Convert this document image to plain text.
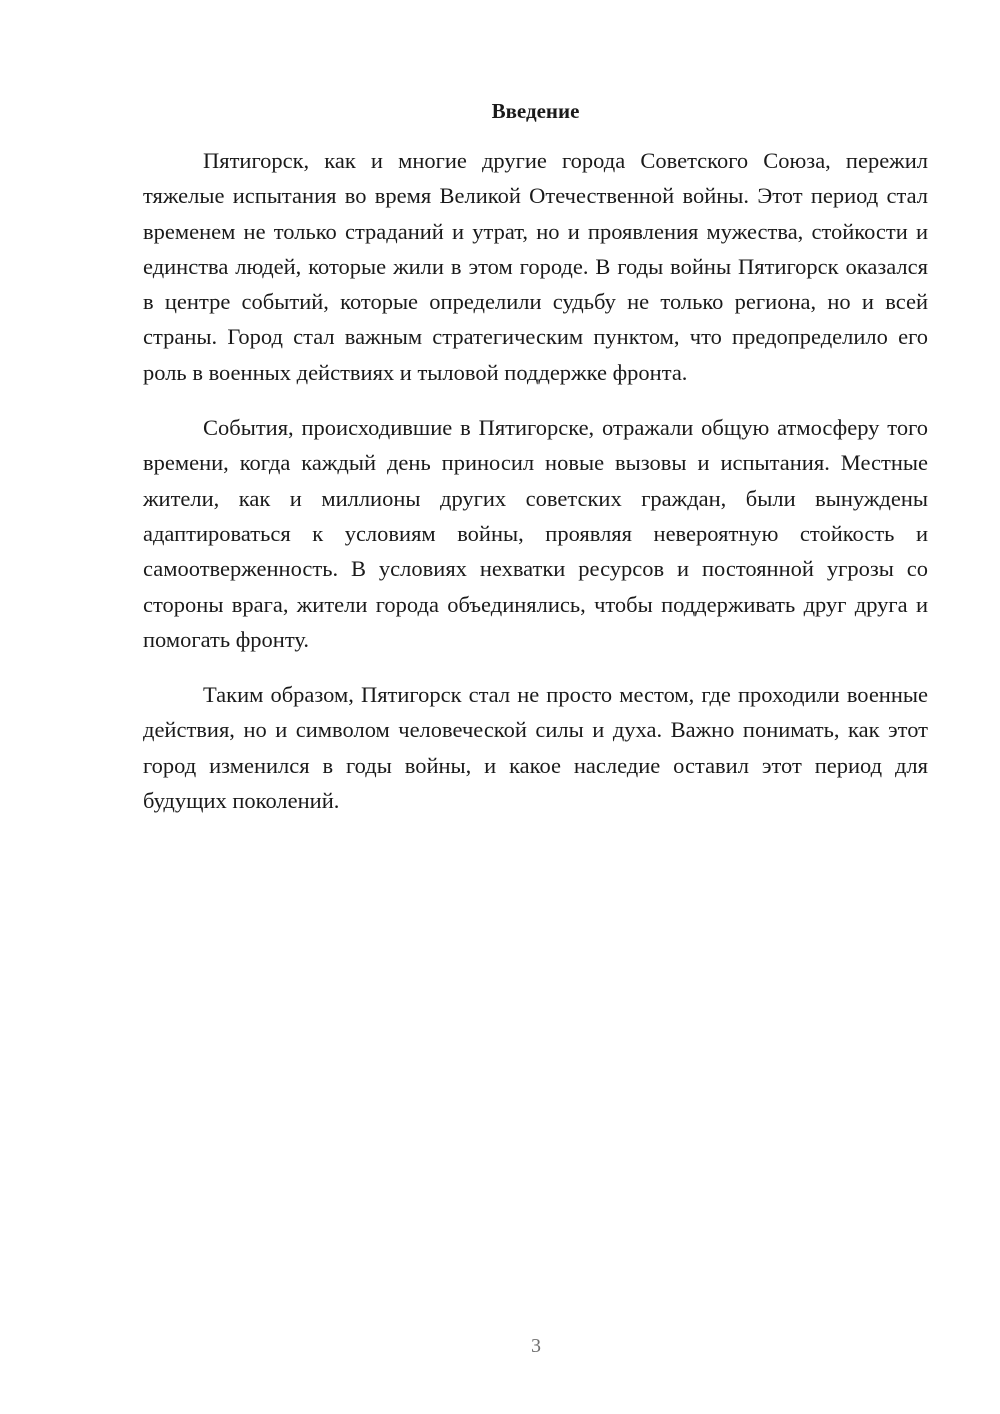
Введение

Пятигорск, как и многие другие города Советского Союза, пережил тяжелые испытания во время Великой Отечественной войны. Этот период стал временем не только страданий и утрат, но и проявления мужества, стойкости и единства людей, которые жили в этом городе. В годы войны Пятигорск оказался в центре событий, которые определили судьбу не только региона, но и всей страны. Город стал важным стратегическим пунктом, что предопределило его роль в военных действиях и тыловой поддержке фронта.

События, происходившие в Пятигорске, отражали общую атмосферу того времени, когда каждый день приносил новые вызовы и испытания. Местные жители, как и миллионы других советских граждан, были вынуждены адаптироваться к условиям войны, проявляя невероятную стойкость и самоотверженность. В условиях нехватки ресурсов и постоянной угрозы со стороны врага, жители города объединялись, чтобы поддерживать друг друга и помогать фронту.

Таким образом, Пятигорск стал не просто местом, где проходили военные действия, но и символом человеческой силы и духа. Важно понимать, как этот город изменился в годы войны, и какое наследие оставил этот период для будущих поколений.

3
